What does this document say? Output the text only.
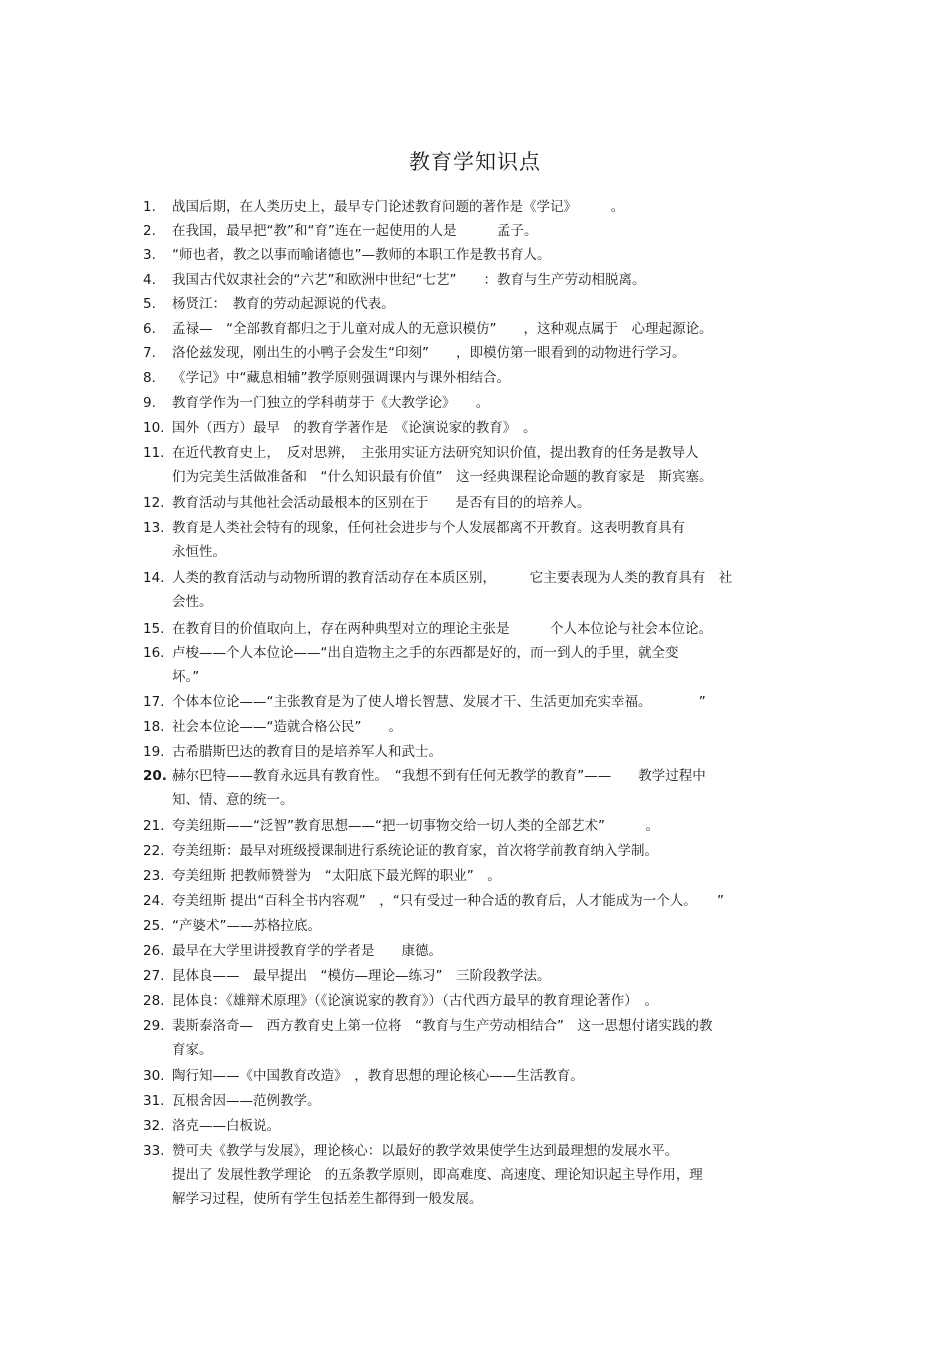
教育学知识点
1. 战国后期，在人类历史上，最早专门论述教育问题的著作是《学记》　　　。
2. 在我国，最早把“教”和“育”连在一起使用的人是　　　孟子。
3. “师也者，教之以事而喻诸德也”—教师的本职工作是教书育人。
4. 我国古代奴隶社会的“六艺”和欧洲中世纪“七艺”　　：教育与生产劳动相脱离。
5. 杨贤江：　教育的劳动起源说的代表。
6. 孟禄—　“全部教育都归之于儿童对成人的无意识模仿”　　，这种观点属于　心理起源论。
7. 洛伦兹发现，刚出生的小鸭子会发生“印刻”　　，即模仿第一眼看到的动物进行学习。
8. 《学记》中“藏息相辅”教学原则强调课内与课外相结合。
9. 教育学作为一门独立的学科萌芽于《大教学论》　　。
10. 国外（西方）最早　的教育学著作是　《论演说家的教育》　。
11. 在近代教育史上，　反对思辨，　主张用实证方法研究知识价值，提出教育的任务是教导人
们为完美生活做准备和　“什么知识最有价值”　这一经典课程论命题的教育家是　斯宾塞。
12. 教育活动与其他社会活动最根本的区别在于　　是否有目的的培养人。
13. 教育是人类社会特有的现象，任何社会进步与个人发展都离不开教育。这表明教育具有
永恒性。
14. 人类的教育活动与动物所谓的教育活动存在本质区别，　　　它主要表现为人类的教育具有　社
会性。
15. 在教育目的价值取向上，存在两种典型对立的理论主张是　　　个人本位论与社会本位论。
16. 卢梭——个人本位论——“出自造物主之手的东西都是好的，而一到人的手里，就全变
坏。”
17. 个体本位论——“主张教育是为了使人增长智慧、发展才干、生活更加充实幸福。　　　　”
18. 社会本位论——“造就合格公民”　　。
19. 古希腊斯巴达的教育目的是培养军人和武士。
20. 赫尔巴特——教育永远具有教育性。　“我想不到有任何无教学的教育”——　　教学过程中
知、情、意的统一。
21. 夸美纽斯——“泛智”教育思想——“把一切事物交给一切人类的全部艺术”　　　。
22. 夸美纽斯：最早对班级授课制进行系统论证的教育家，首次将学前教育纳入学制。
23. 夸美纽斯 把教师赞誉为　“太阳底下最光辉的职业”　。
24. 夸美纽斯 提出“百科全书内容观”　，“只有受过一种合适的教育后，人才能成为一个人。　　”
25. “产婆术”——苏格拉底。
26. 最早在大学里讲授教育学的学者是　　康德。
27. 昆体良——　最早提出　“模仿—理论—练习”　三阶段教学法。
28. 昆体良：《雄辩术原理》（《论演说家的教育》）（古代西方最早的教育理论著作）　。
29. 裴斯泰洛奇—　西方教育史上第一位将　“教育与生产劳动相结合”　这一思想付诸实践的教
育家。
30. 陶行知——《中国教育改造》　，教育思想的理论核心——生活教育。
31. 瓦根舍因——范例教学。
32. 洛克——白板说。
33. 赞可夫《教学与发展》，理论核心：以最好的教学效果使学生达到最理想的发展水平。
提出了 发展性教学理论　的五条教学原则，即高难度、高速度、理论知识起主导作用，理
解学习过程，使所有学生包括差生都得到一般发展。
